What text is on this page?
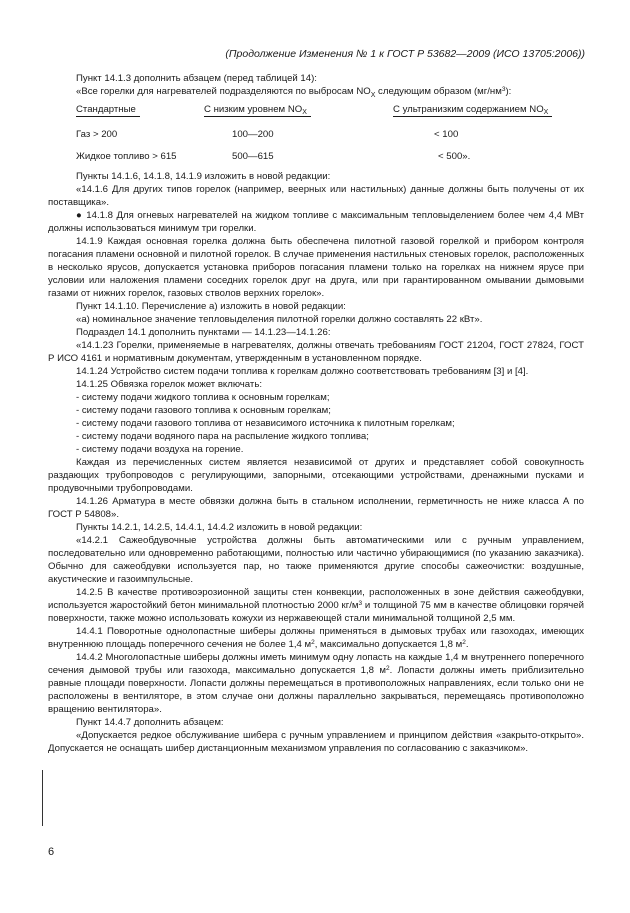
(Продолжение Изменения № 1 к ГОСТ Р 53682—2009 (ИСО 13705:2006))

Пункт 14.1.3 дополнить абзацем (перед таблицей 14):

«Все горелки для нагревателей подразделяются по выбросам $NO_X$ следующим образом $(мг/нм^3)$:

Стандартные	С низким уровнем $NO_X$	С ультранизким содержанием $NO_X$
Газ > 200	100—200	< 100
Жидкое топливо > 615	500—615	< 500».

Пункты 14.1.6, 14.1.8, 14.1.9 изложить в новой редакции:

«14.1.6 Для других типов горелок (например, веерных или настильных) данные должны быть получены от их поставщика».

● 14.1.8 Для огневых нагревателей на жидком топливе с максимальным тепловыделением более чем 4,4 МВт должны использоваться минимум три горелки.

14.1.9 Каждая основная горелка должна быть обеспечена пилотной газовой горелкой и прибором контроля погасания пламени основной и пилотной горелок. В случае применения настильных стеновых горелок, расположенных в несколько ярусов, допускается установка приборов погасания пламени только на горелках на нижнем ярусе при условии или наложения пламени соседних горелок друг на друга, или при гарантированном омывании дымовыми газами от нижних горелок, газовых стволов верхних горелок».

Пункт 14.1.10. Перечисление а) изложить в новой редакции:

«а) номинальное значение тепловыделения пилотной горелки должно составлять 22 кВт».

Подраздел 14.1 дополнить пунктами — 14.1.23—14.1.26:

«14.1.23 Горелки, применяемые в нагревателях, должны отвечать требованиям ГОСТ 21204, ГОСТ 27824, ГОСТ Р ИСО 4161 и нормативным документам, утвержденным в установленном порядке.

14.1.24 Устройство систем подачи топлива к горелкам должно соответствовать требованиям [3] и [4].

14.1.25 Обвязка горелок может включать:

- систему подачи жидкого топлива к основным горелкам;

- систему подачи газового топлива к основным горелкам;

- систему подачи газового топлива от независимого источника к пилотным горелкам;

- систему подачи водяного пара на распыление жидкого топлива;

- систему подачи воздуха на горение.

Каждая из перечисленных систем является независимой от других и представляет собой совокупность раздающих трубопроводов с регулирующими, запорными, отсекающими устройствами, дренажными пусками и продувочными трубопроводами.

14.1.26 Арматура в месте обвязки должна быть в стальном исполнении, герметичность не ниже класса А по ГОСТ Р 54808».

Пункты 14.2.1, 14.2.5, 14.4.1, 14.4.2 изложить в новой редакции:

«14.2.1 Сажеобдувочные устройства должны быть автоматическими или с ручным управлением, последовательно или одновременно работающими, полностью или частично убирающимися (по указанию заказчика). Обычно для сажеобдувки используется пар, но также применяются другие способы сажеочистки: воздушные, акустические и газоимпульсные.

14.2.5 В качестве противоэрозионной защиты стен конвекции, расположенных в зоне действия сажеобдувки, используется жаростойкий бетон минимальной плотностью 2000 $кг/м^3$ и толщиной 75 мм в качестве облицовки горячей поверхности, также можно использовать кожухи из нержавеющей стали минимальной толщиной 2,5 мм.

14.4.1 Поворотные однолопастные шиберы должны применяться в дымовых трубах или газоходах, имеющих внутреннюю площадь поперечного сечения не более 1,4 $м^2$, максимально допускается 1,8 $м^2$.

14.4.2 Многолопастные шиберы должны иметь минимум одну лопасть на каждые 1,4 м внутреннего поперечного сечения дымовой трубы или газохода, максимально допускается 1,8 $м^2$. Лопасти должны иметь приблизительно равные площади поверхности. Лопасти должны перемещаться в противоположных направлениях, если только они не расположены в вентиляторе, в этом случае они должны параллельно закрываться, перемещаясь противоположно вращению вентилятора».

Пункт 14.4.7 дополнить абзацем:

«Допускается редкое обслуживание шибера с ручным управлением и принципом действия «закрыто-открыто». Допускается не оснащать шибер дистанционным механизмом управления по согласованию с заказчиком».

6
